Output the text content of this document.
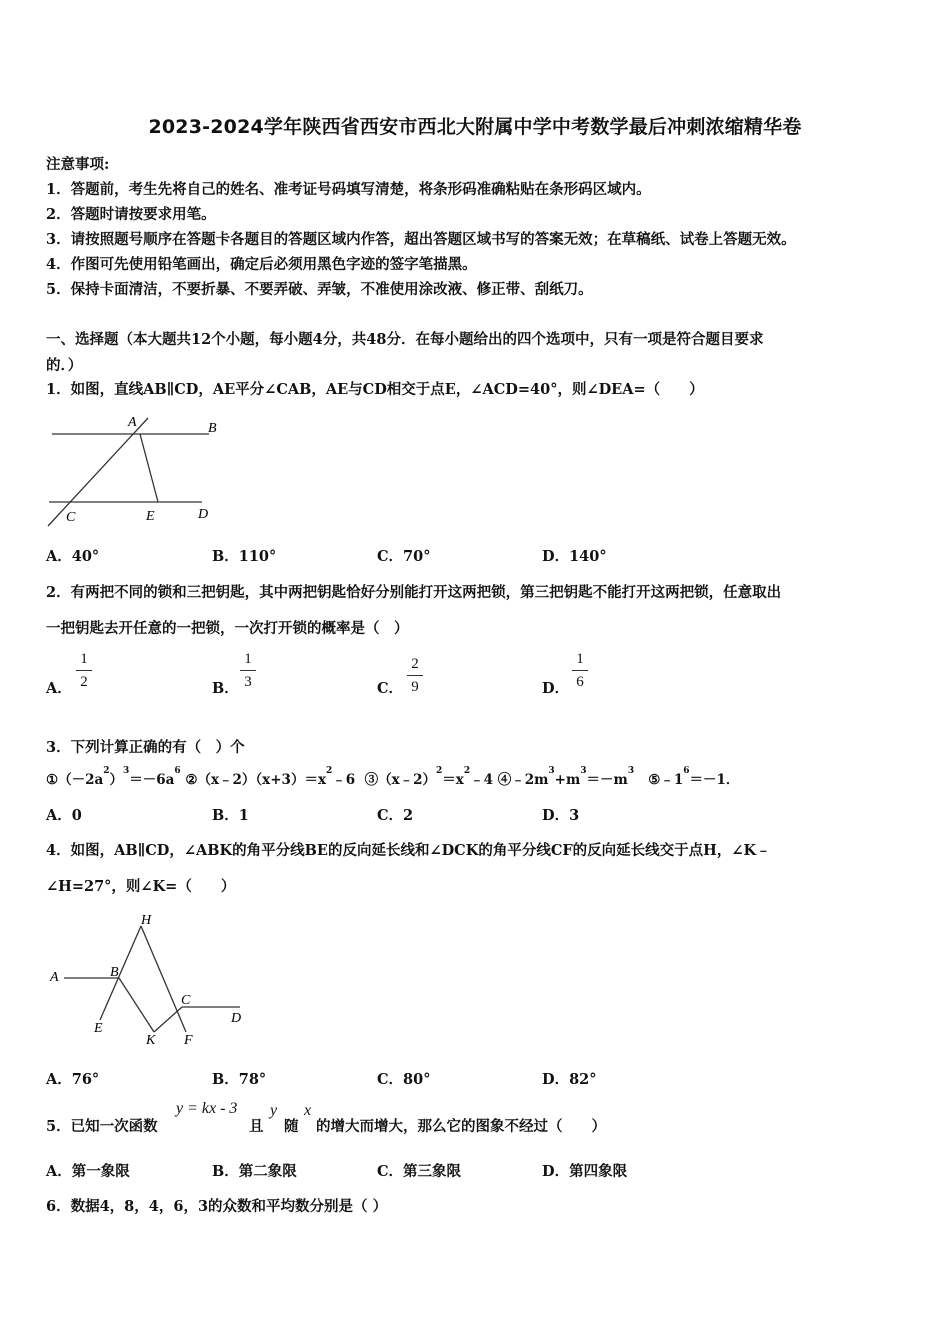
2023-2024学年陕西省西安市西北大附属中学中考数学最后冲刺浓缩精华卷
注意事项:
1．答题前，考生先将自己的姓名、准考证号码填写清楚，将条形码准确粘贴在条形码区域内。
2．答题时请按要求用笔。
3．请按照题号顺序在答题卡各题目的答题区域内作答，超出答题区域书写的答案无效；在草稿纸、试卷上答题无效。
4．作图可先使用铅笔画出，确定后必须用黑色字迹的签字笔描黑。
5．保持卡面清洁，不要折暴、不要弄破、弄皱，不准使用涂改液、修正带、刮纸刀。
一、选择题（本大题共12个小题，每小题4分，共48分．在每小题给出的四个选项中，只有一项是符合题目要求
的．）
1．如图，直线AB∥CD，AE平分∠CAB，AE与CD相交于点E，∠ACD=40°，则∠DEA=（　　）
A	B
C	E	D
A．40°	B．110°	C．70°	D．140°
2．有两把不同的锁和三把钥匙，其中两把钥匙恰好分别能打开这两把锁，第三把钥匙不能打开这两把锁，任意取出
一把钥匙去开任意的一把锁，一次打开锁的概率是（　）
A．
1
2	B．
1
3	C．
2
9	D．
1
6
3．下列计算正确的有（　）个
$①(-2a^2)^3=-6a^6$ $②(x﹣2)(x+3)=x^2﹣6$ $③(x﹣2)^2=x^2﹣4$ $④﹣2m^3+m^3=-m^3$   $⑤﹣1^6=-1$．
A．0	B．1	C．2	D．3
4．如图，AB∥CD，∠ABK的角平分线BE的反向延长线和∠DCK的角平分线CF的反向延长线交于点H，∠K﹣
∠H=27°，则∠K=（　　）
H
A	B
C
D
E
K F
A．76°	B．78°	C．80°	D．82°
5．已知一次函数
y = kx - 3
且
y
随
x
的增大而增大，那么它的图象不经过（　　）
A．第一象限	B．第二象限	C．第三象限	D．第四象限
6．数据4，8，4，6，3的众数和平均数分别是（ ）
